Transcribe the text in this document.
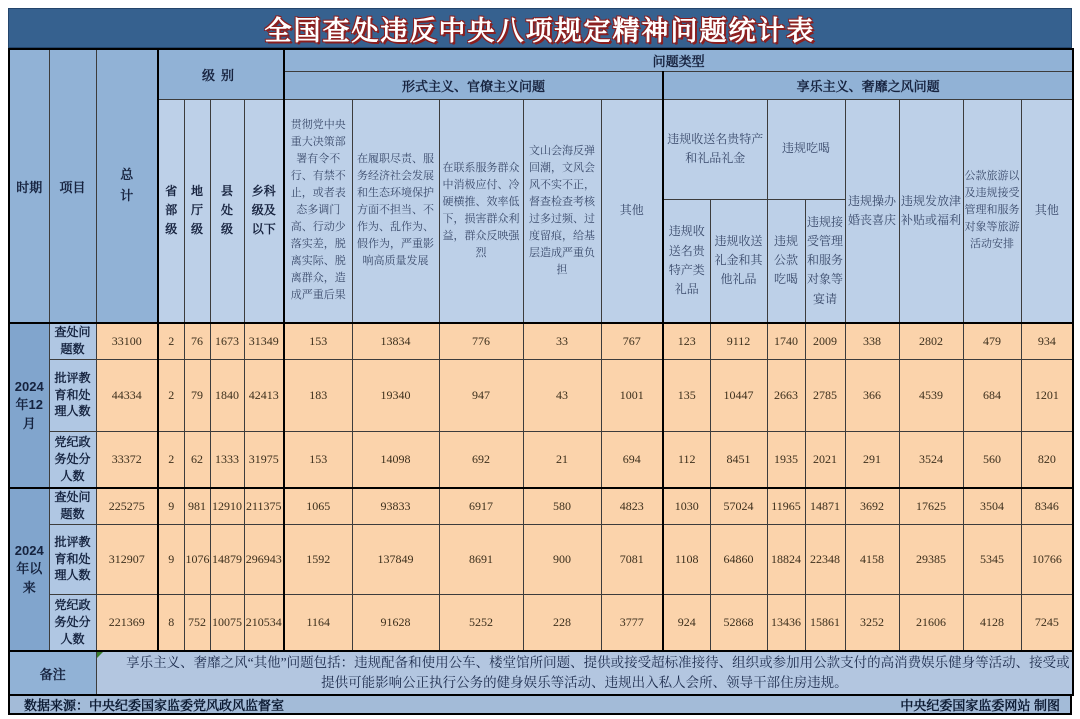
全国查处违反中央八项规定精神问题统计表
时期	项目	总计	级别				问题类型												
							形式主义、官僚主义问题					享乐主义、奢靡之风问题							
			省部级	地厅级	县处级	乡科级及以下	贯彻党中央重大决策部署有令不行、有禁不止，或者表态多调门高、行动少落实差，脱离实际、脱离群众，造成严重后果	在履职尽责、服务经济社会发展和生态环境保护方面不担当、不作为、乱作为、假作为，严重影响高质量发展	在联系服务群众中消极应付、冷硬横推、效率低下，损害群众利益，群众反映强烈	文山会海反弹回潮，文风会风不实不正，督查检查考核过多过频、过度留痕，给基层造成严重负担	其他	违规收送名贵特产和礼品礼金		违规吃喝		违规操办婚丧喜庆	违规发放津补贴或福利	公款旅游以及违规接受管理和服务对象等旅游活动安排	其他
												违规收送名贵特产类礼品	违规收送礼金和其他礼品	违规公款吃喝	违规接受管理和服务对象等宴请				
2024年12月	查处问题数	33100	2	76	1673	31349	153	13834	776	33	767	123	9112	1740	2009	338	2802	479	934
	批评教育和处理人数	44334	2	79	1840	42413	183	19340	947	43	1001	135	10447	2663	2785	366	4539	684	1201
	党纪政务处分人数	33372	2	62	1333	31975	153	14098	692	21	694	112	8451	1935	2021	291	3524	560	820
2024年以来	查处问题数	225275	9	981	12910	211375	1065	93833	6917	580	4823	1030	57024	11965	14871	3692	17625	3504	8346
	批评教育和处理人数	312907	9	1076	14879	296943	1592	137849	8691	900	7081	1108	64860	18824	22348	4158	29385	5345	10766
	党纪政务处分人数	221369	8	752	10075	210534	1164	91628	5252	228	3777	924	52868	13436	15861	3252	21606	4128	7245
备注		享乐主义、奢靡之风“其他”问题包括：违规配备和使用公车、楼堂馆所问题、提供或接受超标准接待、组织或参加用公款支付的高消费娱乐健身等活动、接受或提供可能影响公正执行公务的健身娱乐等活动、违规出入私人会所、领导干部住房违规。																	
数据来源：中央纪委国家监委党风政风监督室	中央纪委国家监委网站 制图
